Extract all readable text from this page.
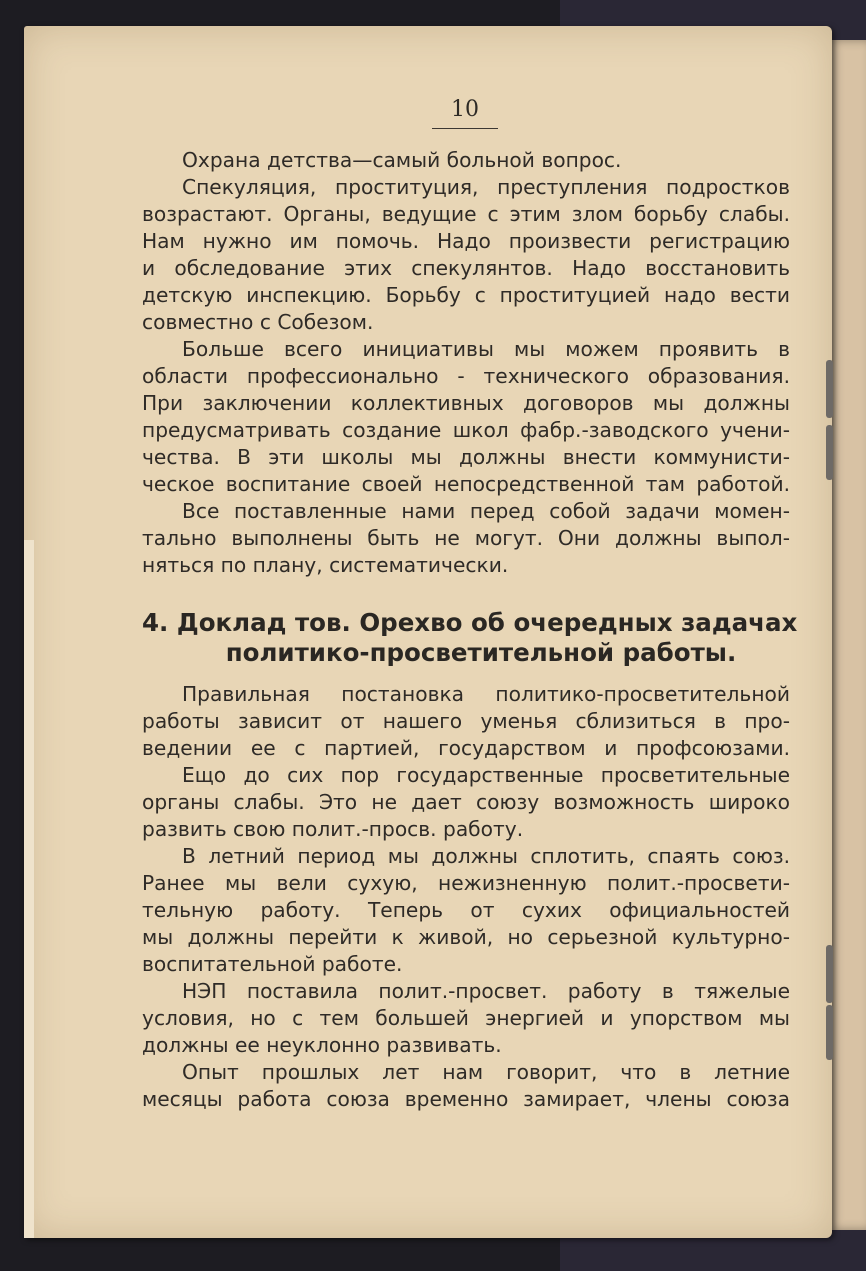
10
Охрана детства—самый больной вопрос.
Спекуляция, проституция, преступления подростков
возрастают. Органы, ведущие с этим злом борьбу слабы.
Нам нужно им помочь. Надо произвести регистрацию
и обследование этих спекулянтов. Надо восстановить
детскую инспекцию. Борьбу с проституцией надо вести
совместно с Собезом.
Больше всего инициативы мы можем проявить в
области профессионально - технического образования.
При заключении коллективных договоров мы должны
предусматривать создание школ фабр.-заводского учени-
чества. В эти школы мы должны внести коммунисти-
ческое воспитание своей непосредственной там работой.
Все поставленные нами перед собой задачи момен-
тально выполнены быть не могут. Они должны выпол-
няться по плану, систематически.
4. Доклад тов. Орехво об очередных задачах
политико-просветительной работы.
Правильная постановка политико-просветительной
работы зависит от нашего уменья сблизиться в про-
ведении ее с партией, государством и профсоюзами.
Ещо до сих пор государственные просветительные
органы слабы. Это не дает союзу возможность широко
развить свою полит.-просв. работу.
В летний период мы должны сплотить, спаять союз.
Ранее мы вели сухую, нежизненную полит.-просвети-
тельную работу. Теперь от сухих официальностей
мы должны перейти к живой, но серьезной культурно-
воспитательной работе.
НЭП поставила полит.-просвет. работу в тяжелые
условия, но с тем большей энергией и упорством мы
должны ее неуклонно развивать.
Опыт прошлых лет нам говорит, что в летние
месяцы работа союза временно замирает, члены союза
